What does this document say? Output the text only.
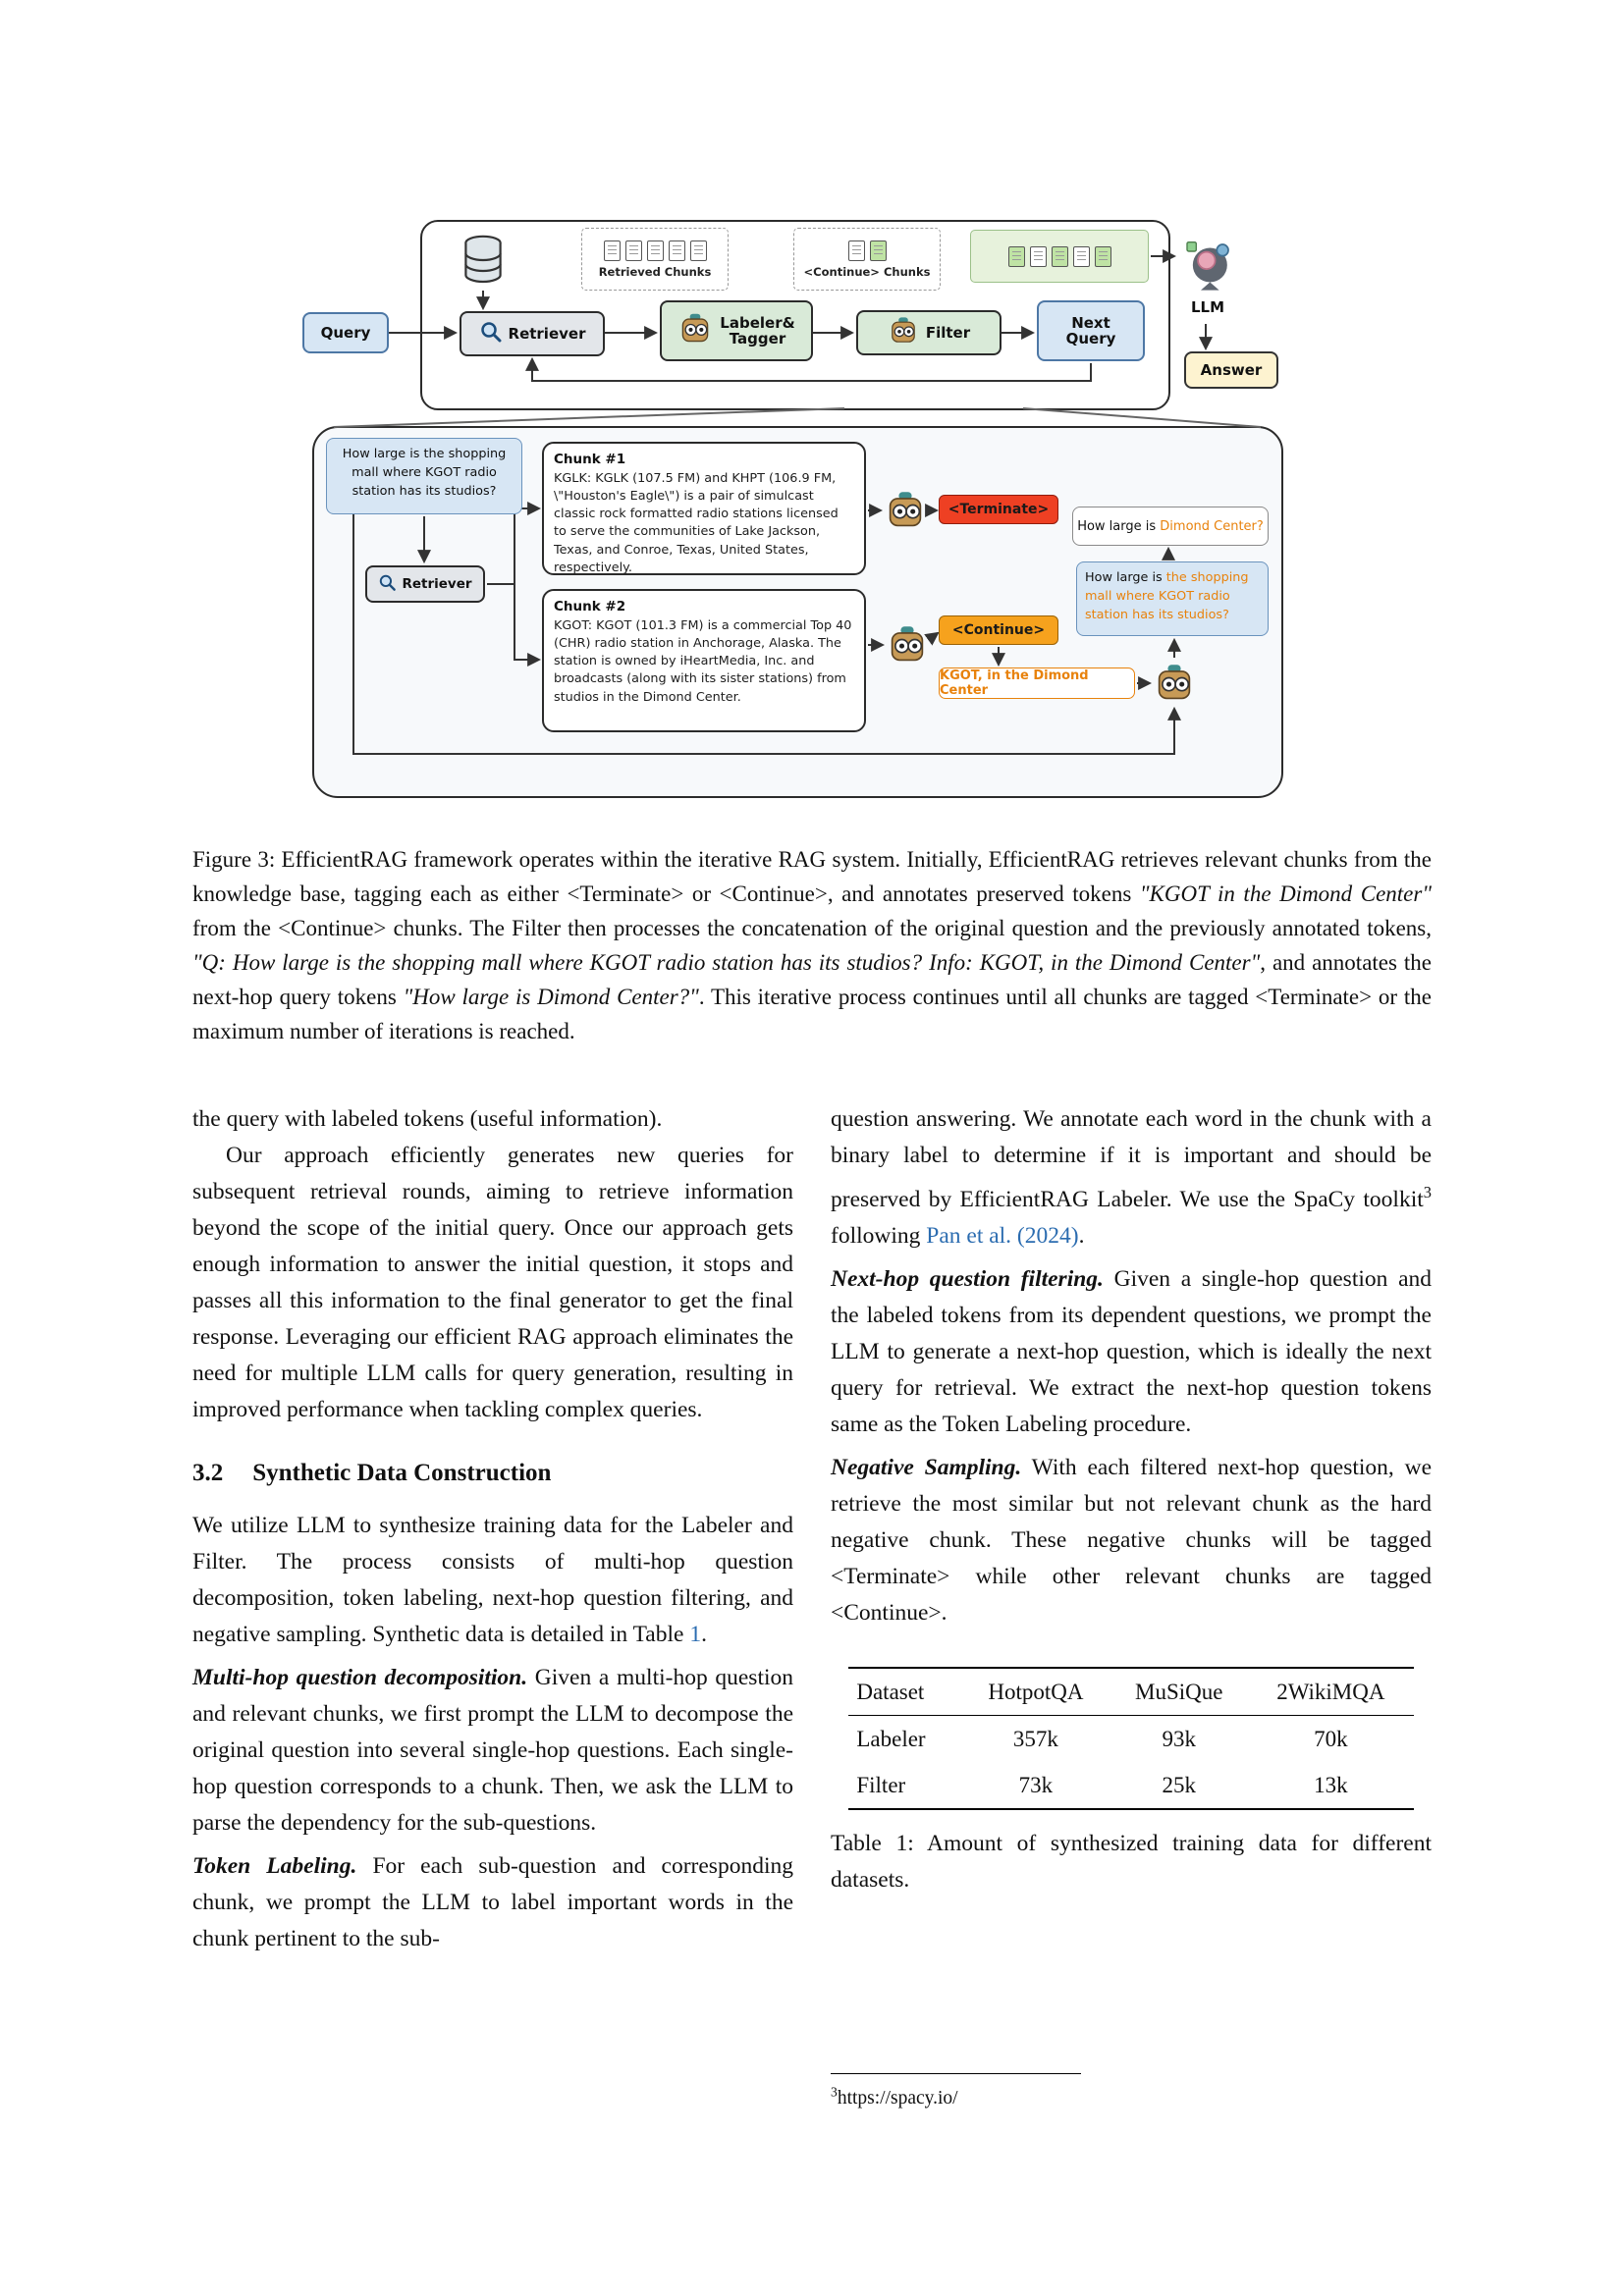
Retrieved Chunks	<Continue> Chunks
Query	Retriever
Labeler&
Tagger	Filter
Next
Query
LLM
Answer
How large is the shopping mall where KGOT radio station has its studios?
Retriever
Chunk #1
KGLK: KGLK (107.5 FM) and KHPT (106.9 FM, \"Houston's Eagle\") is a pair of simulcast classic rock formatted radio stations licensed to serve the communities of Lake Jackson, Texas, and Conroe, Texas, United States, respectively.
Chunk #2
KGOT: KGOT (101.3 FM) is a commercial Top 40 (CHR) radio station in Anchorage, Alaska. The station is owned by iHeartMedia, Inc. and broadcasts (along with its sister stations) from studios in the Dimond Center.
<Terminate>
<Continue>
How large is Dimond Center?
How large is the shopping mall where KGOT radio station has its studios?
KGOT, in the Dimond Center
Figure 3: EfficientRAG framework operates within the iterative RAG system. Initially, EfficientRAG retrieves relevant chunks from the knowledge base, tagging each as either <Terminate> or <Continue>, and annotates preserved tokens "KGOT in the Dimond Center" from the <Continue> chunks. The Filter then processes the concatenation of the original question and the previously annotated tokens, "Q: How large is the shopping mall where KGOT radio station has its studios? Info: KGOT, in the Dimond Center", and annotates the next-hop query tokens "How large is Dimond Center?". This iterative process continues until all chunks are tagged <Terminate> or the maximum number of iterations is reached.

the query with labeled tokens (useful information).

Our approach efficiently generates new queries for subsequent retrieval rounds, aiming to retrieve information beyond the scope of the initial query. Once our approach gets enough information to answer the initial question, it stops and passes all this information to the final generator to get the final response. Leveraging our efficient RAG approach eliminates the need for multiple LLM calls for query generation, resulting in improved performance when tackling complex queries.

3.2 Synthetic Data Construction

We utilize LLM to synthesize training data for the Labeler and Filter. The process consists of multi-hop question decomposition, token labeling, next-hop question filtering, and negative sampling. Synthetic data is detailed in Table 1.

Multi-hop question decomposition. Given a multi-hop question and relevant chunks, we first prompt the LLM to decompose the original question into several single-hop questions. Each single-hop question corresponds to a chunk. Then, we ask the LLM to parse the dependency for the sub-questions.

Token Labeling. For each sub-question and corresponding chunk, we prompt the LLM to label important words in the chunk pertinent to the sub-

question answering. We annotate each word in the chunk with a binary label to determine if it is important and should be preserved by EfficientRAG Labeler. We use the SpaCy toolkit$^3$ following Pan et al. (2024).

Next-hop question filtering. Given a single-hop question and the labeled tokens from its dependent questions, we prompt the LLM to generate a next-hop question, which is ideally the next query for retrieval. We extract the next-hop question tokens same as the Token Labeling procedure.

Negative Sampling. With each filtered next-hop question, we retrieve the most similar but not relevant chunk as the hard negative chunk. These negative chunks will be tagged <Terminate> while other relevant chunks are tagged <Continue>.

Dataset	HotpotQA	MuSiQue	2WikiMQA
Labeler	357k	93k	70k
Filter	73k	25k	13k

Table 1: Amount of synthesized training data for different datasets.

$^3$https://spacy.io/
